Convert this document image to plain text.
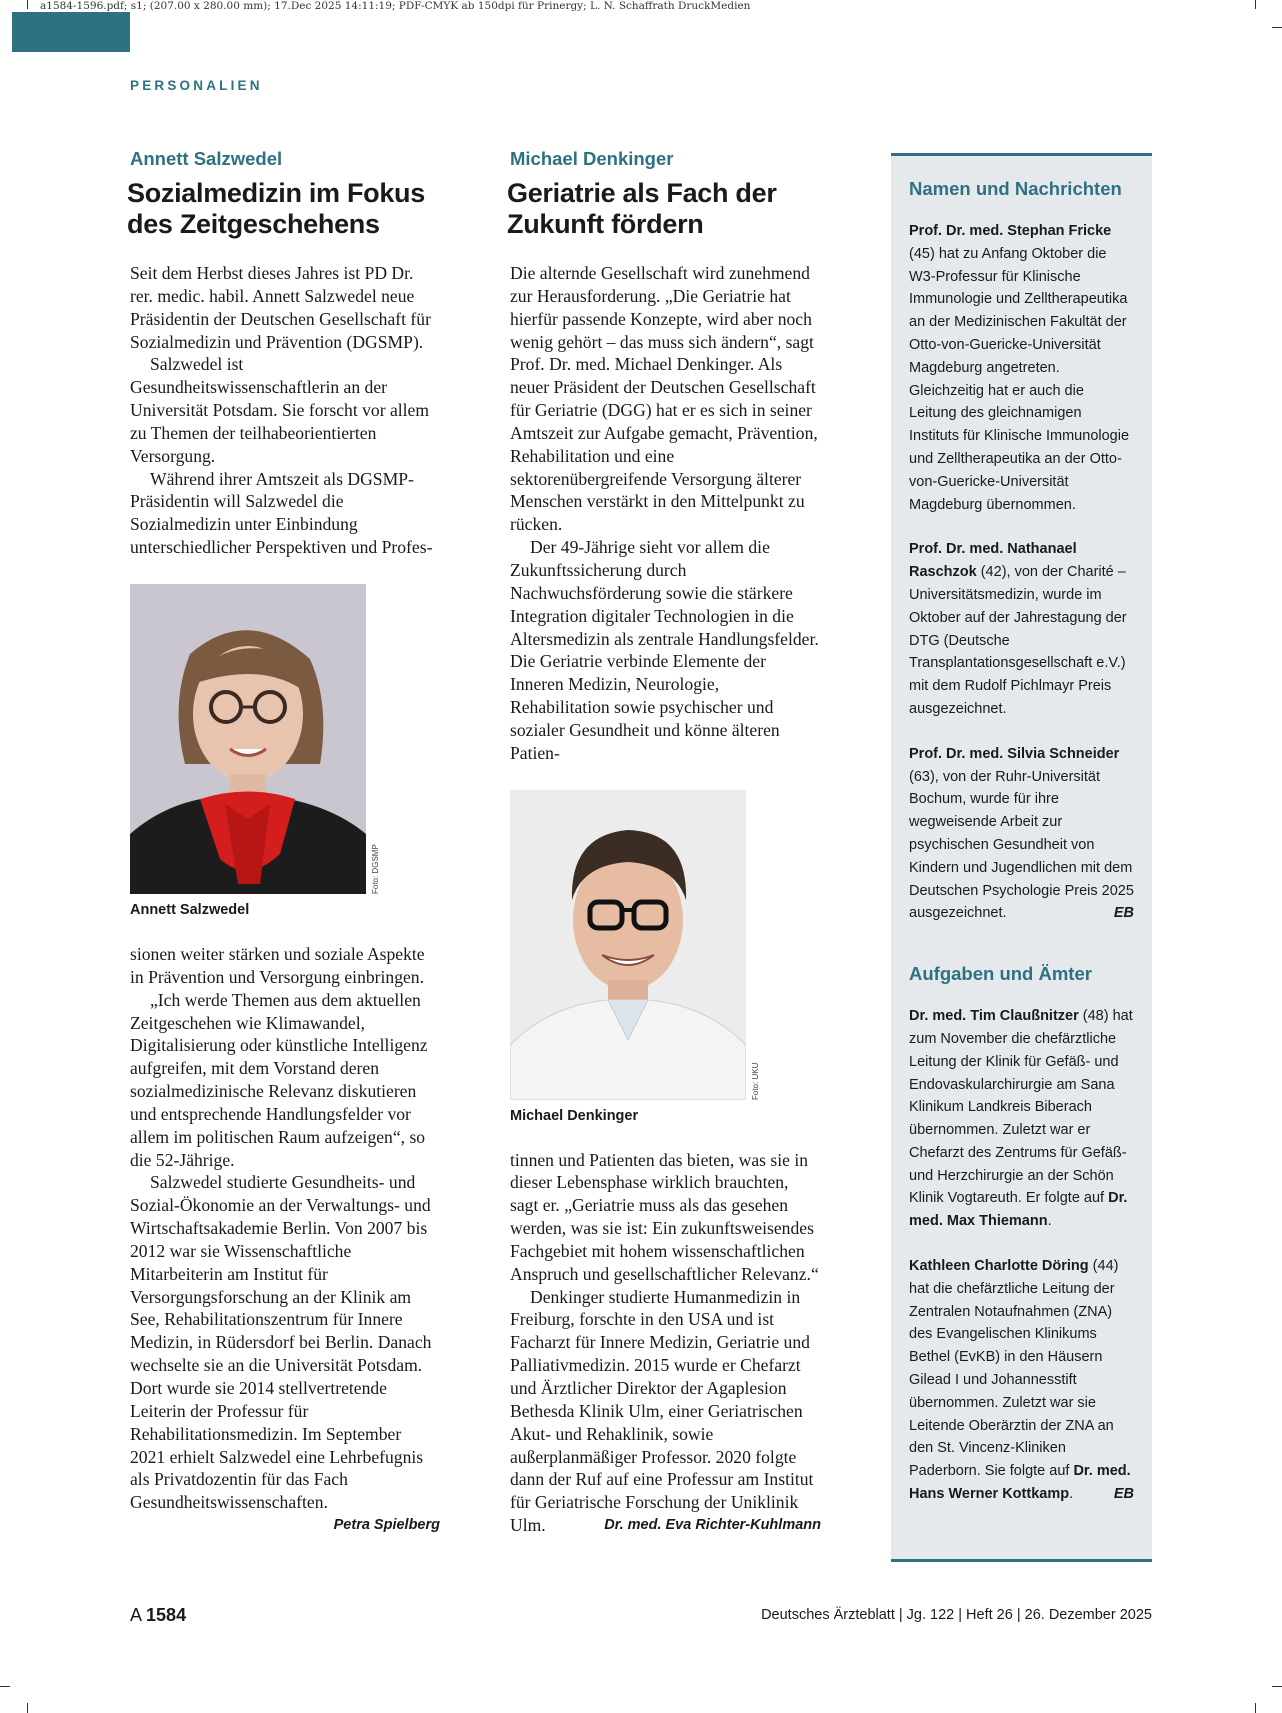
a1584-1596.pdf; s1; (207.00 x 280.00 mm); 17.Dec 2025 14:11:19; PDF-CMYK ab 150dpi für Prinergy; L. N. Schaffrath DruckMedien
PERSONALIEN
Annett Salzwedel
Sozialmedizin im Fokus
des Zeitgeschehens

Seit dem Herbst dieses Jahres ist PD Dr. rer. medic. habil. Annett Salzwedel neue Präsidentin der Deutschen Gesellschaft für Sozialmedizin und Prävention (DGSMP).

Salzwedel ist Gesundheitswissenschaftlerin an der Universität Potsdam. Sie forscht vor allem zu Themen der teilhabeorientierten Versorgung.

Während ihrer Amtszeit als DGSMP-Präsidentin will Salzwedel die Sozialmedizin unter Einbindung unterschiedlicher Perspektiven und Profes-

Foto: DGSMP
Annett Salzwedel

sionen weiter stärken und soziale Aspekte in Prävention und Versorgung einbringen.

„Ich werde Themen aus dem aktuellen Zeitgeschehen wie Klimawandel, Digitalisierung oder künstliche Intelligenz aufgreifen, mit dem Vorstand deren sozialmedizinische Relevanz diskutieren und entsprechende Handlungsfelder vor allem im politischen Raum aufzeigen“, so die 52-Jährige.

Salzwedel studierte Gesundheits- und Sozial-Ökonomie an der Verwaltungs- und Wirtschaftsakademie Berlin. Von 2007 bis 2012 war sie Wissenschaftliche Mitarbeiterin am Institut für Versorgungsforschung an der Klinik am See, Rehabilitationszentrum für Innere Medizin, in Rüdersdorf bei Berlin. Danach wechselte sie an die Universität Potsdam. Dort wurde sie 2014 stellvertretende Leiterin der Professur für Rehabilitationsmedizin. Im September 2021 erhielt Salzwedel eine Lehrbefugnis als Privatdozentin für das Fach Gesundheitswissenschaften.
Petra Spielberg

Michael Denkinger
Geriatrie als Fach der
Zukunft fördern

Die alternde Gesellschaft wird zunehmend zur Herausforderung. „Die Geriatrie hat hierfür passende Konzepte, wird aber noch wenig gehört – das muss sich ändern“, sagt Prof. Dr. med. Michael Denkinger. Als neuer Präsident der Deutschen Gesellschaft für Geriatrie (DGG) hat er es sich in seiner Amtszeit zur Aufgabe gemacht, Prävention, Rehabilitation und eine sektorenübergreifende Versorgung älterer Menschen verstärkt in den Mittelpunkt zu rücken.

Der 49-Jährige sieht vor allem die Zukunftssicherung durch Nachwuchsförderung sowie die stärkere Integration digitaler Technologien in die Altersmedizin als zentrale Handlungsfelder. Die Geriatrie verbinde Elemente der Inneren Medizin, Neurologie, Rehabilitation sowie psychischer und sozialer Gesundheit und könne älteren Patien-

Foto: UKU
Michael Denkinger

tinnen und Patienten das bieten, was sie in dieser Lebensphase wirklich brauchten, sagt er. „Geriatrie muss als das gesehen werden, was sie ist: Ein zukunftsweisendes Fachgebiet mit hohem wissenschaftlichen Anspruch und gesellschaftlicher Relevanz.“

Denkinger studierte Humanmedizin in Freiburg, forschte in den USA und ist Facharzt für Innere Medizin, Geriatrie und Palliativmedizin. 2015 wurde er Chefarzt und Ärztlicher Direktor der Agaplesion Bethesda Klinik Ulm, einer Geriatrischen Akut- und Rehaklinik, sowie außerplanmäßiger Professor. 2020 folgte dann der Ruf auf eine Professur am Institut für Geriatrische Forschung der Uniklinik Ulm.	Dr. med. Eva Richter-Kuhlmann

Namen und Nachrichten

Prof. Dr. med. Stephan Fricke (45) hat zu Anfang Oktober die W3-Professur für Klinische Immunologie und Zelltherapeutika an der Medizinischen Fakultät der Otto-von-Guericke-Universität Magdeburg angetreten. Gleichzeitig hat er auch die Leitung des gleichnamigen Instituts für Klinische Immunologie und Zelltherapeutika an der Otto-von-Guericke-Universität Magdeburg übernommen.

Prof. Dr. med. Nathanael Raschzok (42), von der Charité – Universitätsmedizin, wurde im Oktober auf der Jahrestagung der DTG (Deutsche Transplantationsgesellschaft e.V.) mit dem Rudolf Pichlmayr Preis ausgezeichnet.

Prof. Dr. med. Silvia Schneider (63), von der Ruhr-Universität Bochum, wurde für ihre wegweisende Arbeit zur psychischen Gesundheit von Kindern und Jugendlichen mit dem Deutschen Psychologie Preis 2025 ausgezeichnet.	EB

Aufgaben und Ämter

Dr. med. Tim Claußnitzer (48) hat zum November die chefärztliche Leitung der Klinik für Gefäß- und Endovaskularchirurgie am Sana Klinikum Landkreis Biberach übernommen. Zuletzt war er Chefarzt des Zentrums für Gefäß- und Herzchirurgie an der Schön Klinik Vogtareuth. Er folgte auf Dr. med. Max Thiemann.

Kathleen Charlotte Döring (44) hat die chefärztliche Leitung der Zentralen Notaufnahmen (ZNA) des Evangelischen Klinikums Bethel (EvKB) in den Häusern Gilead I und Johannesstift übernommen. Zuletzt war sie Leitende Oberärztin der ZNA an den St. Vincenz-Kliniken Paderborn. Sie folgte auf Dr. med. Hans Werner Kottkamp.	EB

A 1584	Deutsches Ärzteblatt | Jg. 122 | Heft 26 | 26. Dezember 2025
